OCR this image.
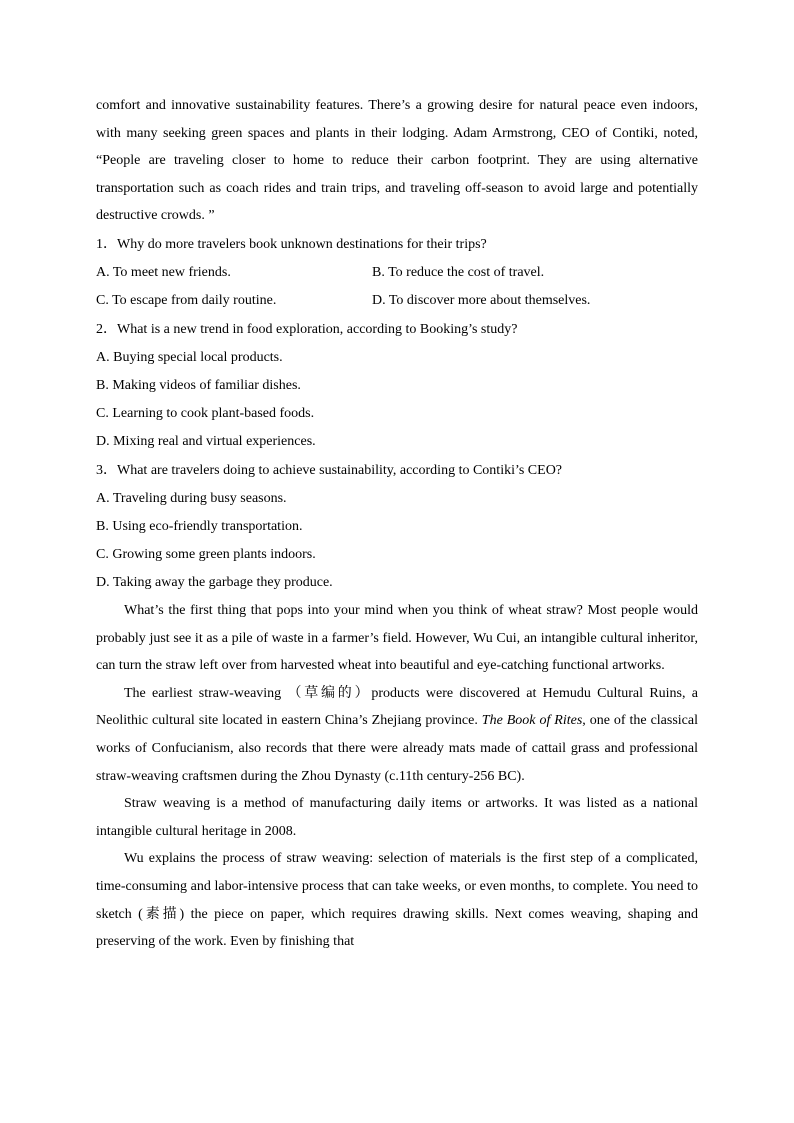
comfort and innovative sustainability features. There’s a growing desire for natural peace even indoors, with many seeking green spaces and plants in their lodging. Adam Armstrong, CEO of Contiki, noted, “People are traveling closer to home to reduce their carbon footprint. They are using alternative transportation such as coach rides and train trips, and traveling off-season to avoid large and potentially destructive crowds. ”

1．Why do more travelers book unknown destinations for their trips?

A. To meet new friends.	B. To reduce the cost of travel.
C. To escape from daily routine.	D. To discover more about themselves.

2．What is a new trend in food exploration, according to Booking’s study?

A. Buying special local products.

B. Making videos of familiar dishes.

C. Learning to cook plant-based foods.

D. Mixing real and virtual experiences.

3．What are travelers doing to achieve sustainability, according to Contiki’s CEO?

A. Traveling during busy seasons.

B. Using eco-friendly transportation.

C. Growing some green plants indoors.

D. Taking away the garbage they produce.

What’s the first thing that pops into your mind when you think of wheat straw? Most people would probably just see it as a pile of waste in a farmer’s field. However, Wu Cui, an intangible cultural inheritor, can turn the straw left over from harvested wheat into beautiful and eye-catching functional artworks.

The earliest straw-weaving （草编的）products were discovered at Hemudu Cultural Ruins, a Neolithic cultural site located in eastern China’s Zhejiang province. The Book of Rites, one of the classical works of Confucianism, also records that there were already mats made of cattail grass and professional straw-weaving craftsmen during the Zhou Dynasty (c.11th century-256 BC).

Straw weaving is a method of manufacturing daily items or artworks. It was listed as a national intangible cultural heritage in 2008.

Wu explains the process of straw weaving: selection of materials is the first step of a complicated, time-consuming and labor-intensive process that can take weeks, or even months, to complete. You need to sketch (素描) the piece on paper, which requires drawing skills. Next comes weaving, shaping and preserving of the work. Even by finishing that
